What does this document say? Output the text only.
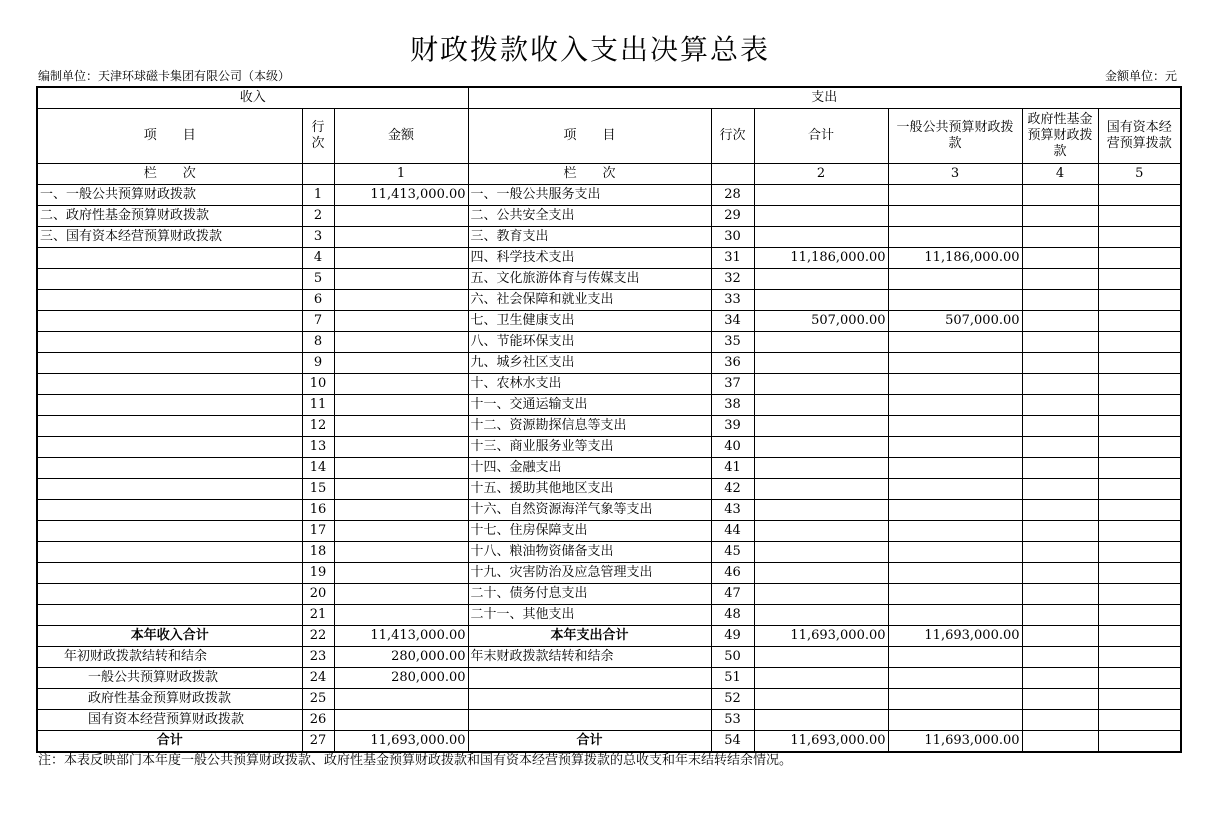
财政拨款收入支出决算总表
编制单位：天津环球磁卡集团有限公司（本级）	金额单位：元
收入			支出					
项　　目	行次	金额	项　　目	行次	合计	一般公共预算财政拨款	政府性基金预算财政拨款	国有资本经营预算拨款
栏　　次		1	栏　　次		2	3	4	5
一、一般公共预算财政拨款	1	11,413,000.00	一、一般公共服务支出	28				
二、政府性基金预算财政拨款	2		二、公共安全支出	29				
三、国有资本经营预算财政拨款	3		三、教育支出	30				
	4		四、科学技术支出	31	11,186,000.00	11,186,000.00		
	5		五、文化旅游体育与传媒支出	32				
	6		六、社会保障和就业支出	33				
	7		七、卫生健康支出	34	507,000.00	507,000.00		
	8		八、节能环保支出	35				
	9		九、城乡社区支出	36				
	10		十、农林水支出	37				
	11		十一、交通运输支出	38				
	12		十二、资源勘探信息等支出	39				
	13		十三、商业服务业等支出	40				
	14		十四、金融支出	41				
	15		十五、援助其他地区支出	42				
	16		十六、自然资源海洋气象等支出	43				
	17		十七、住房保障支出	44				
	18		十八、粮油物资储备支出	45				
	19		十九、灾害防治及应急管理支出	46				
	20		二十、债务付息支出	47				
	21		二十一、其他支出	48				
本年收入合计	22	11,413,000.00	本年支出合计	49	11,693,000.00	11,693,000.00		
年初财政拨款结转和结余	23	280,000.00	年末财政拨款结转和结余	50				
一般公共预算财政拨款	24	280,000.00		51				
政府性基金预算财政拨款	25			52				
国有资本经营预算财政拨款	26			53				
合计	27	11,693,000.00	合计	54	11,693,000.00	11,693,000.00		
注：本表反映部门本年度一般公共预算财政拨款、政府性基金预算财政拨款和国有资本经营预算拨款的总收支和年末结转结余情况。
